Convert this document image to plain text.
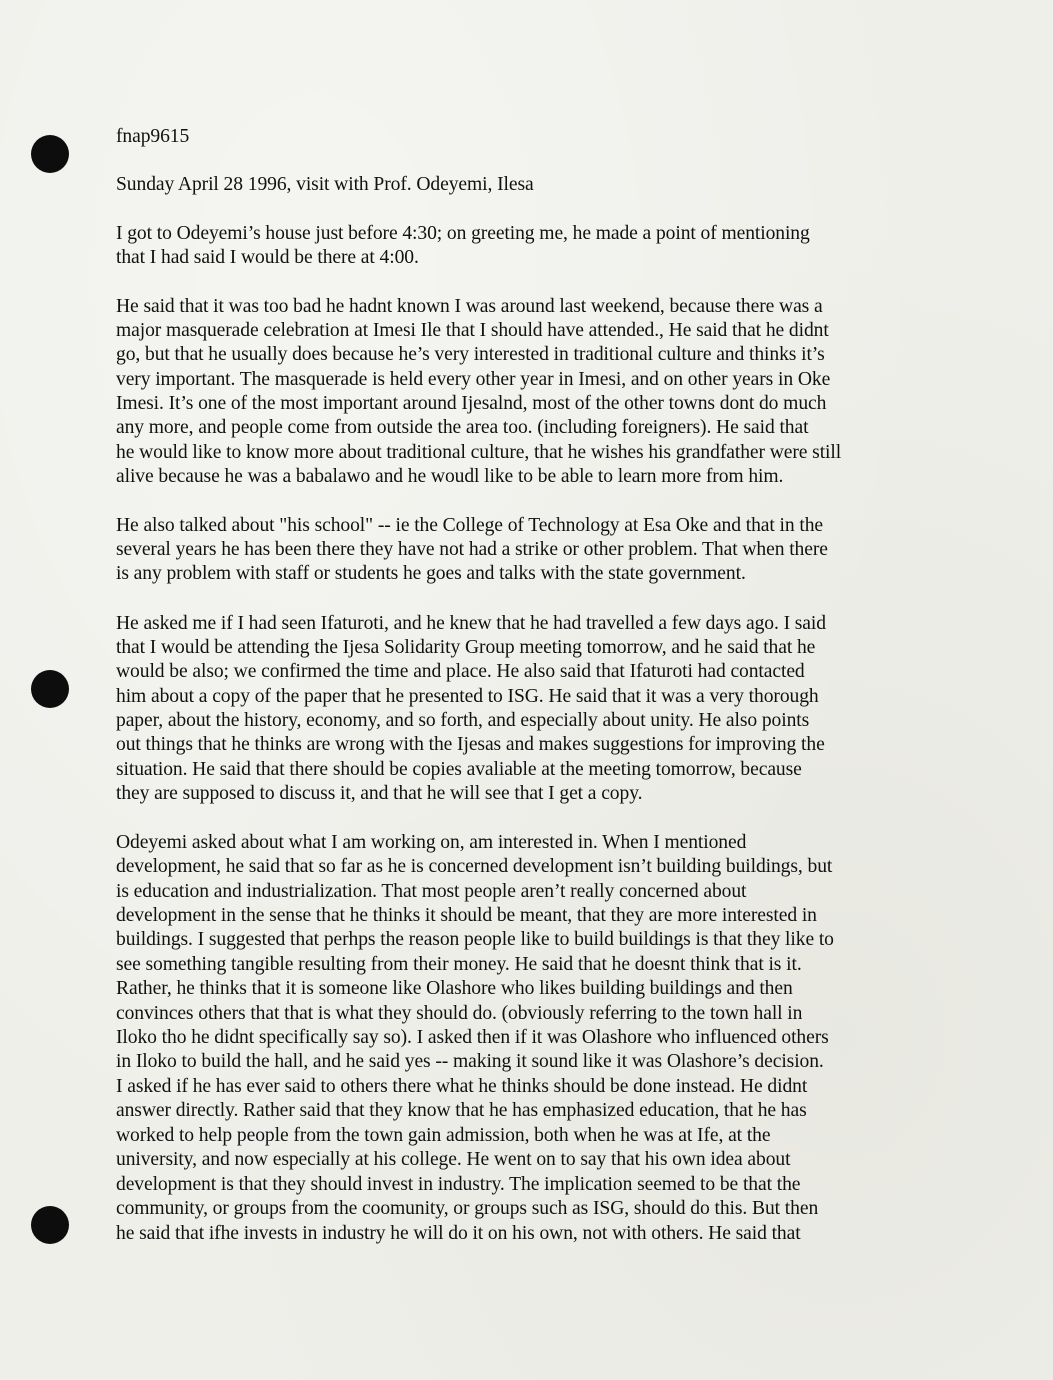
fnap9615
Sunday April 28 1996, visit with Prof. Odeyemi, Ilesa
I got to Odeyemi’s house just before 4:30; on greeting me, he made a point of mentioning
that I had said I would be there at 4:00.
He said that it was too bad he hadnt known I was around last weekend, because there was a
major masquerade celebration at Imesi Ile that I should have attended., He said that he didnt
go, but that he usually does because he’s very interested in traditional culture and thinks it’s
very important. The masquerade is held every other year in Imesi, and on other years in Oke
Imesi. It’s one of the most important around Ijesalnd, most of the other towns dont do much
any more, and people come from outside the area too. (including foreigners). He said that
he would like to know more about traditional culture, that he wishes his grandfather were still
alive because he was a babalawo and he woudl like to be able to learn more from him.
He also talked about "his school" -- ie the College of Technology at Esa Oke and that in the
several years he has been there they have not had a strike or other problem. That when there
is any problem with staff or students he goes and talks with the state government.
He asked me if I had seen Ifaturoti, and he knew that he had travelled a few days ago. I said
that I would be attending the Ijesa Solidarity Group meeting tomorrow, and he said that he
would be also; we confirmed the time and place. He also said that Ifaturoti had contacted
him about a copy of the paper that he presented to ISG. He said that it was a very thorough
paper, about the history, economy, and so forth, and especially about unity. He also points
out things that he thinks are wrong with the Ijesas and makes suggestions for improving the
situation. He said that there should be copies avaliable at the meeting tomorrow, because
they are supposed to discuss it, and that he will see that I get a copy.
Odeyemi asked about what I am working on, am interested in. When I mentioned
development, he said that so far as he is concerned development isn’t building buildings, but
is education and industrialization. That most people aren’t really concerned about
development in the sense that he thinks it should be meant, that they are more interested in
buildings. I suggested that perhps the reason people like to build buildings is that they like to
see something tangible resulting from their money. He said that he doesnt think that is it.
Rather, he thinks that it is someone like Olashore who likes building buildings and then
convinces others that that is what they should do. (obviously referring to the town hall in
Iloko tho he didnt specifically say so). I asked then if it was Olashore who influenced others
in Iloko to build the hall, and he said yes -- making it sound like it was Olashore’s decision.
I asked if he has ever said to others there what he thinks should be done instead. He didnt
answer directly. Rather said that they know that he has emphasized education, that he has
worked to help people from the town gain admission, both when he was at Ife, at the
university, and now especially at his college. He went on to say that his own idea about
development is that they should invest in industry. The implication seemed to be that the
community, or groups from the coomunity, or groups such as ISG, should do this. But then
he said that ifhe invests in industry he will do it on his own, not with others. He said that
